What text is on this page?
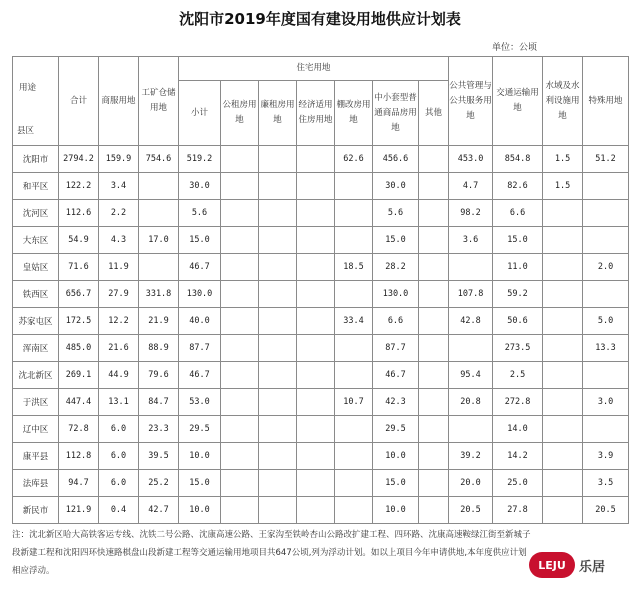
沈阳市2019年度国有建设用地供应计划表
单位：公顷
用途
县区	合计	商服用地	工矿仓储用地	住宅用地							公共管理与公共服务用地	交通运输用地	水域及水利设施用地	特殊用地
				小计	公租房用地	廉租房用地	经济适用住房用地	棚改房用地	中小套型普通商品房用地	其他				
沈阳市	2794.2	159.9	754.6	519.2				62.6	456.6		453.0	854.8	1.5	51.2
和平区	122.2	3.4		30.0					30.0		4.7	82.6	1.5	
沈河区	112.6	2.2		5.6					5.6		98.2	6.6		
大东区	54.9	4.3	17.0	15.0					15.0		3.6	15.0		
皇姑区	71.6	11.9		46.7				18.5	28.2			11.0		2.0
铁西区	656.7	27.9	331.8	130.0					130.0		107.8	59.2		
苏家屯区	172.5	12.2	21.9	40.0				33.4	6.6		42.8	50.6		5.0
浑南区	485.0	21.6	88.9	87.7					87.7			273.5		13.3
沈北新区	269.1	44.9	79.6	46.7					46.7		95.4	2.5		
于洪区	447.4	13.1	84.7	53.0				10.7	42.3		20.8	272.8		3.0
辽中区	72.8	6.0	23.3	29.5					29.5			14.0		
康平县	112.8	6.0	39.5	10.0					10.0		39.2	14.2		3.9
法库县	94.7	6.0	25.2	15.0					15.0		20.0	25.0		3.5
新民市	121.9	0.4	42.7	10.0					10.0		20.5	27.8		20.5
注：沈北新区哈大高铁客运专线、沈铁二号公路、沈康高速公路、王家沟至铁岭杏山公路改扩建工程、四环路、沈康高速鞍绿江街至新城子段新建工程和沈阳四环快速路棋盘山段新建工程等交通运输用地项目共647公顷,列为浮动计划。如以上项目今年申请供地,本年度供应计划相应浮动。	LEJU	乐居
